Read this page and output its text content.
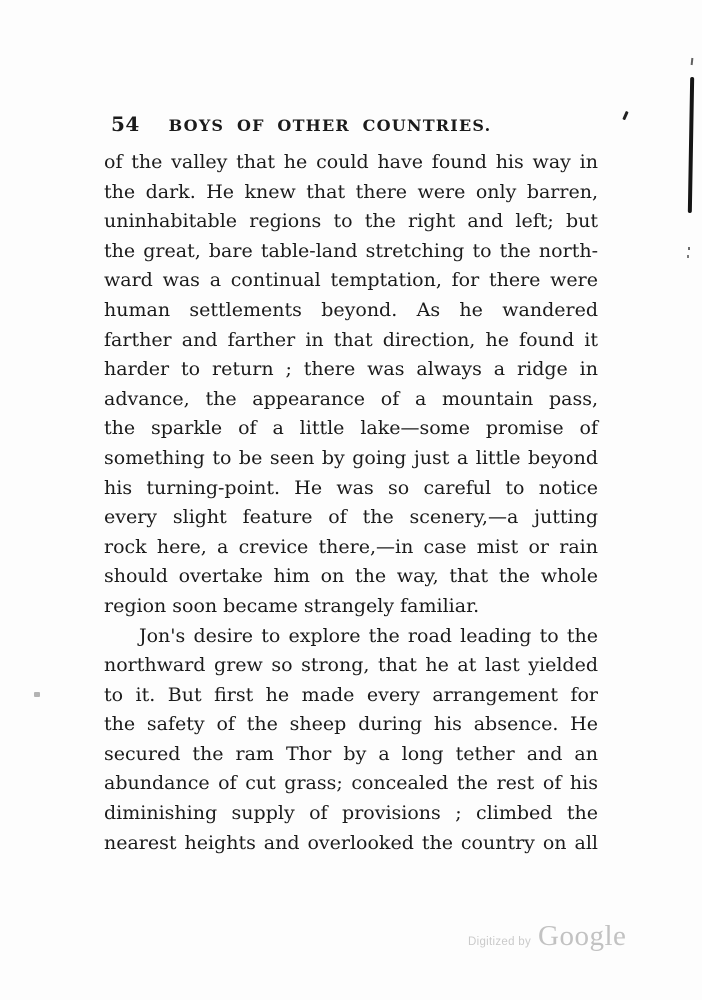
54	BOYS OF OTHER COUNTRIES.
of the valley that he could have found his way in
the dark. He knew that there were only barren,
uninhabitable regions to the right and left; but
the great, bare table-land stretching to the north-
ward was a continual temptation, for there were
human settlements beyond. As he wandered
farther and farther in that direction, he found it
harder to return ; there was always a ridge in
advance, the appearance of a mountain pass,
the sparkle of a little lake—some promise of
something to be seen by going just a little beyond
his turning-point. He was so careful to notice
every slight feature of the scenery,—a jutting
rock here, a crevice there,—in case mist or rain
should overtake him on the way, that the whole
region soon became strangely familiar.
Jon's desire to explore the road leading to the
northward grew so strong, that he at last yielded
to it. But first he made every arrangement for
the safety of the sheep during his absence. He
secured the ram Thor by a long tether and an
abundance of cut grass; concealed the rest of his
diminishing supply of provisions ; climbed the
nearest heights and overlooked the country on all
Digitized by Google
